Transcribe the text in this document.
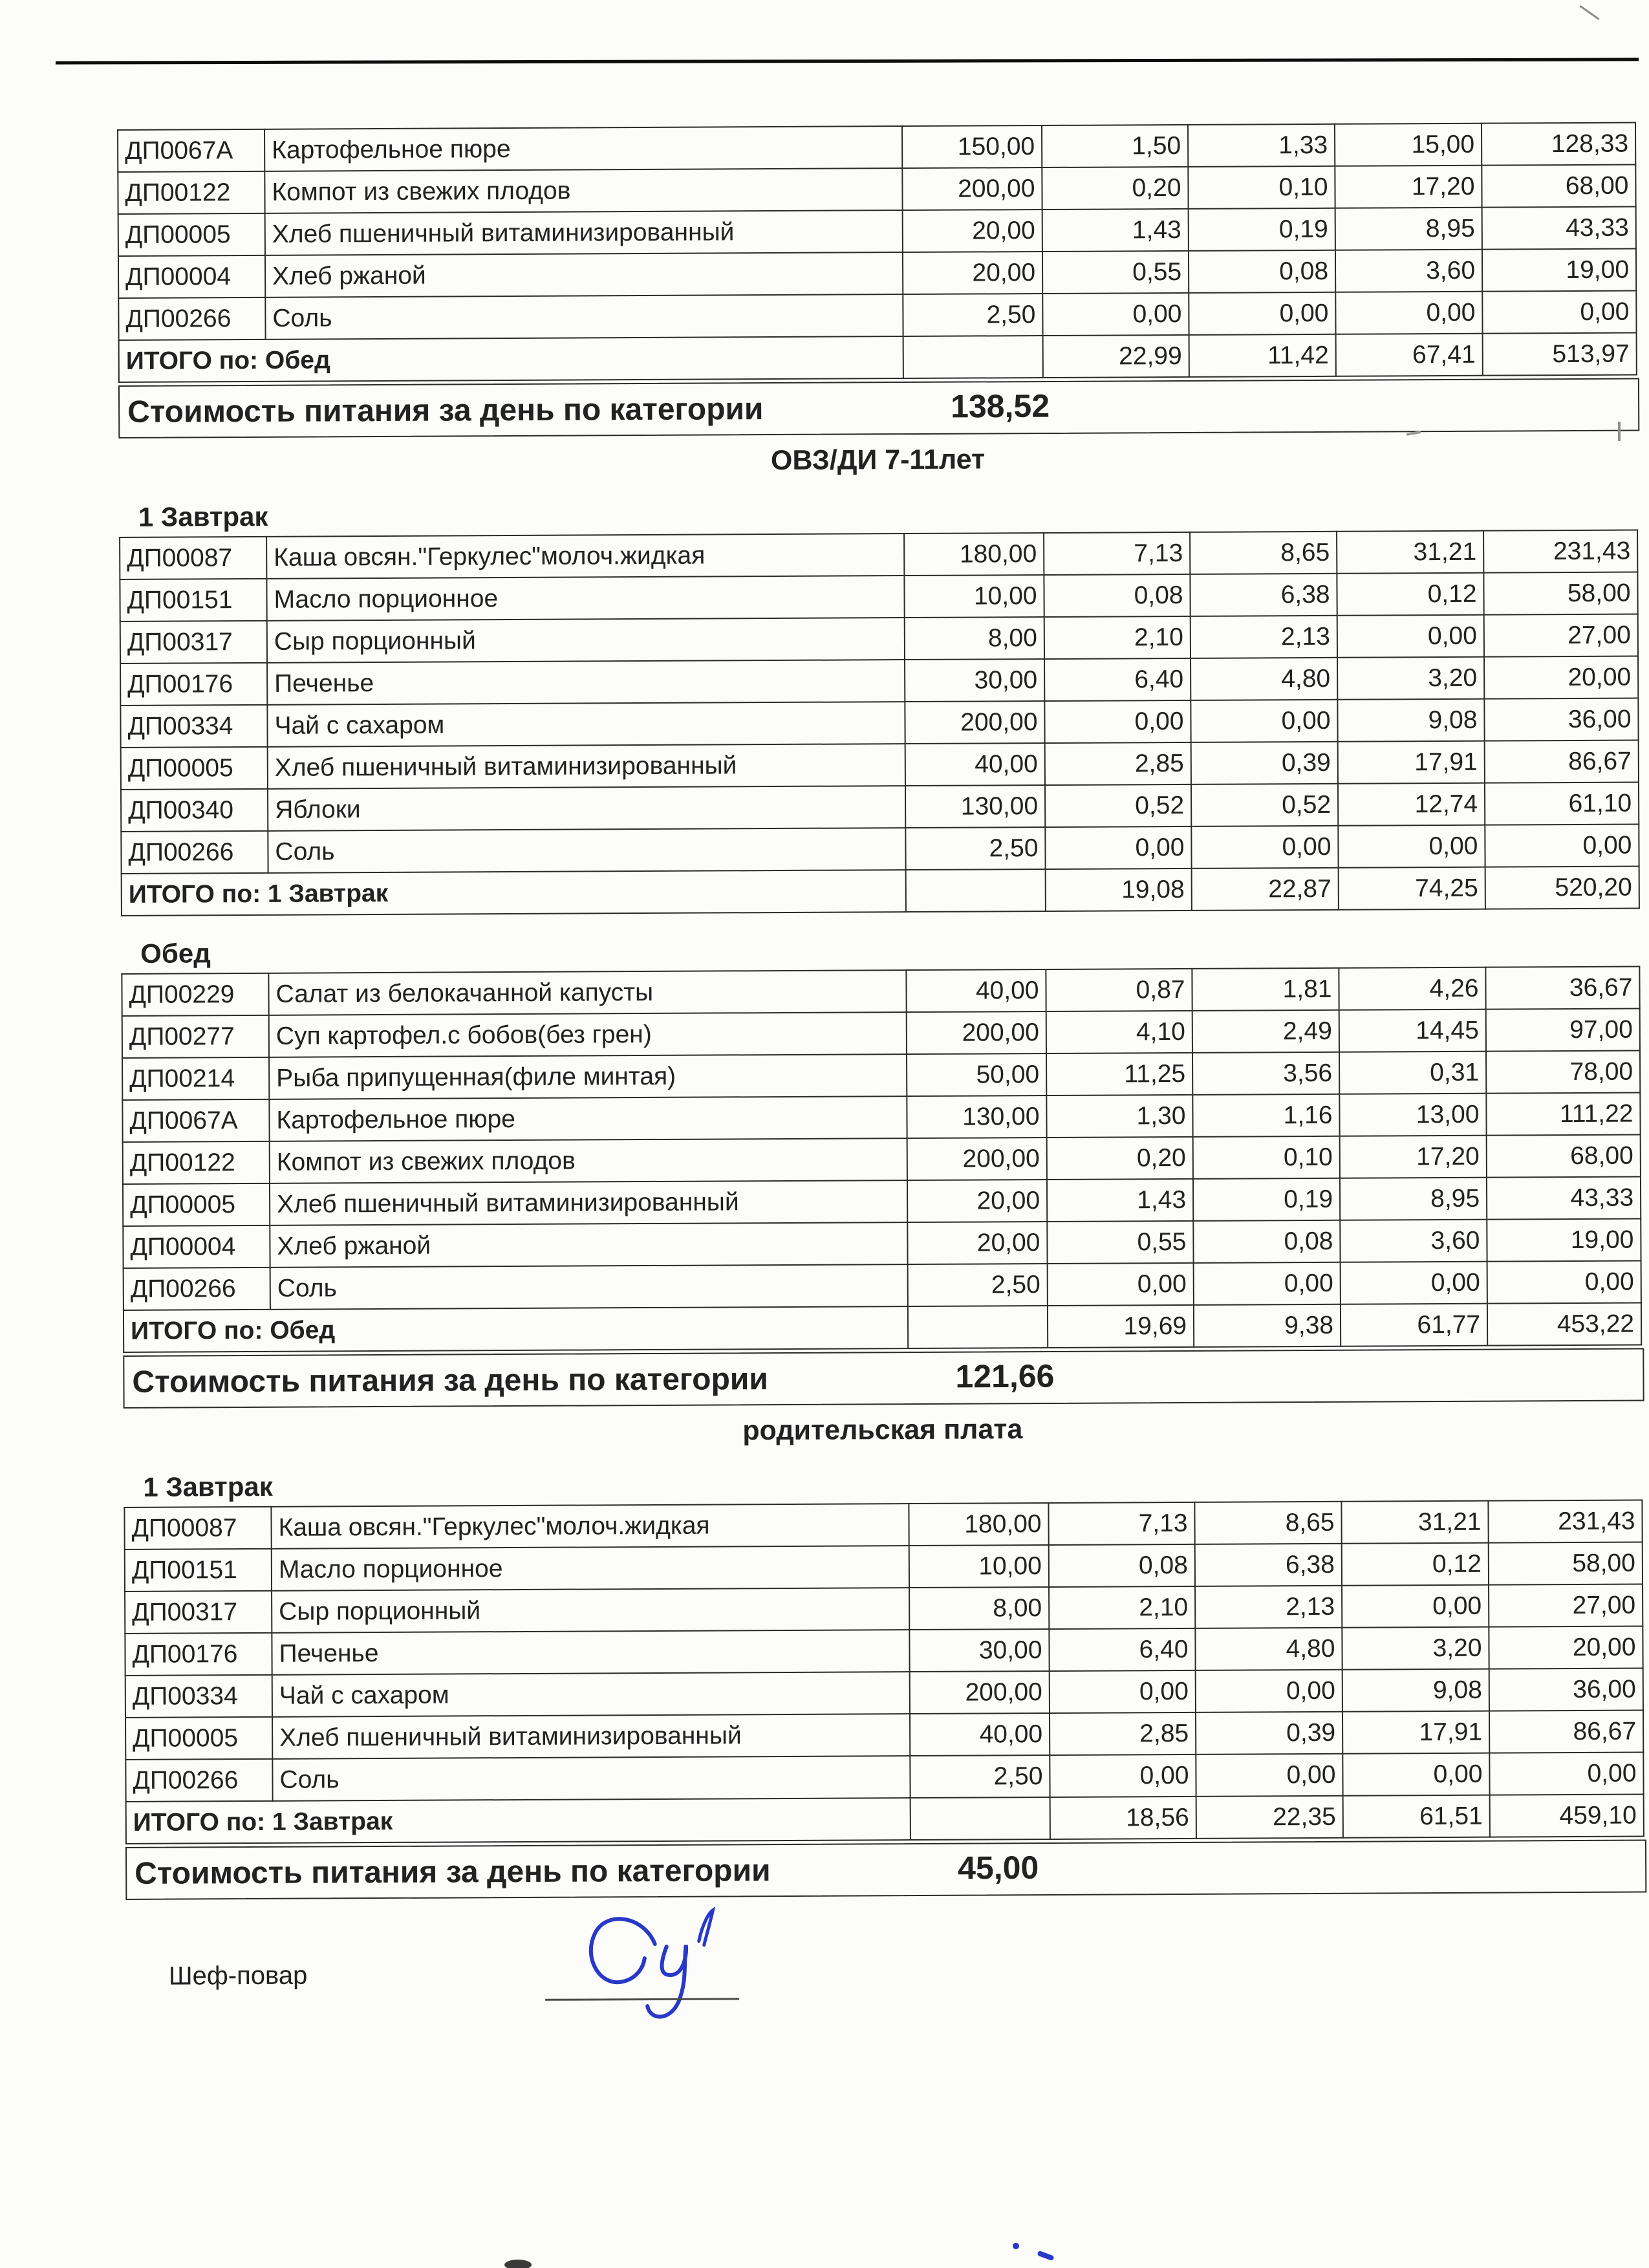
ДП0067А	Картофельное пюре	150,00	1,50	1,33	15,00	128,33
ДП00122	Компот из свежих плодов	200,00	0,20	0,10	17,20	68,00
ДП00005	Хлеб пшеничный витаминизированный	20,00	1,43	0,19	8,95	43,33
ДП00004	Хлеб ржаной	20,00	0,55	0,08	3,60	19,00
ДП00266	Соль	2,50	0,00	0,00	0,00	0,00
ИТОГО по: Обед			22,99	11,42	67,41	513,97
Стоимость питания за день по категории	138,52
ОВЗ/ДИ 7-11лет
1 Завтрак
ДП00087	Каша овсян."Геркулес"молоч.жидкая	180,00	7,13	8,65	31,21	231,43
ДП00151	Масло порционное	10,00	0,08	6,38	0,12	58,00
ДП00317	Сыр порционный	8,00	2,10	2,13	0,00	27,00
ДП00176	Печенье	30,00	6,40	4,80	3,20	20,00
ДП00334	Чай с сахаром	200,00	0,00	0,00	9,08	36,00
ДП00005	Хлеб пшеничный витаминизированный	40,00	2,85	0,39	17,91	86,67
ДП00340	Яблоки	130,00	0,52	0,52	12,74	61,10
ДП00266	Соль	2,50	0,00	0,00	0,00	0,00
ИТОГО по: 1 Завтрак			19,08	22,87	74,25	520,20
Обед
ДП00229	Салат из белокачанной капусты	40,00	0,87	1,81	4,26	36,67
ДП00277	Суп картофел.с бобов(без грен)	200,00	4,10	2,49	14,45	97,00
ДП00214	Рыба припущенная(филе минтая)	50,00	11,25	3,56	0,31	78,00
ДП0067А	Картофельное пюре	130,00	1,30	1,16	13,00	111,22
ДП00122	Компот из свежих плодов	200,00	0,20	0,10	17,20	68,00
ДП00005	Хлеб пшеничный витаминизированный	20,00	1,43	0,19	8,95	43,33
ДП00004	Хлеб ржаной	20,00	0,55	0,08	3,60	19,00
ДП00266	Соль	2,50	0,00	0,00	0,00	0,00
ИТОГО по: Обед			19,69	9,38	61,77	453,22
Стоимость питания за день по категории	121,66
родительская плата
1 Завтрак
ДП00087	Каша овсян."Геркулес"молоч.жидкая	180,00	7,13	8,65	31,21	231,43
ДП00151	Масло порционное	10,00	0,08	6,38	0,12	58,00
ДП00317	Сыр порционный	8,00	2,10	2,13	0,00	27,00
ДП00176	Печенье	30,00	6,40	4,80	3,20	20,00
ДП00334	Чай с сахаром	200,00	0,00	0,00	9,08	36,00
ДП00005	Хлеб пшеничный витаминизированный	40,00	2,85	0,39	17,91	86,67
ДП00266	Соль	2,50	0,00	0,00	0,00	0,00
ИТОГО по: 1 Завтрак			18,56	22,35	61,51	459,10
Стоимость питания за день по категории	45,00
Шеф-повар
